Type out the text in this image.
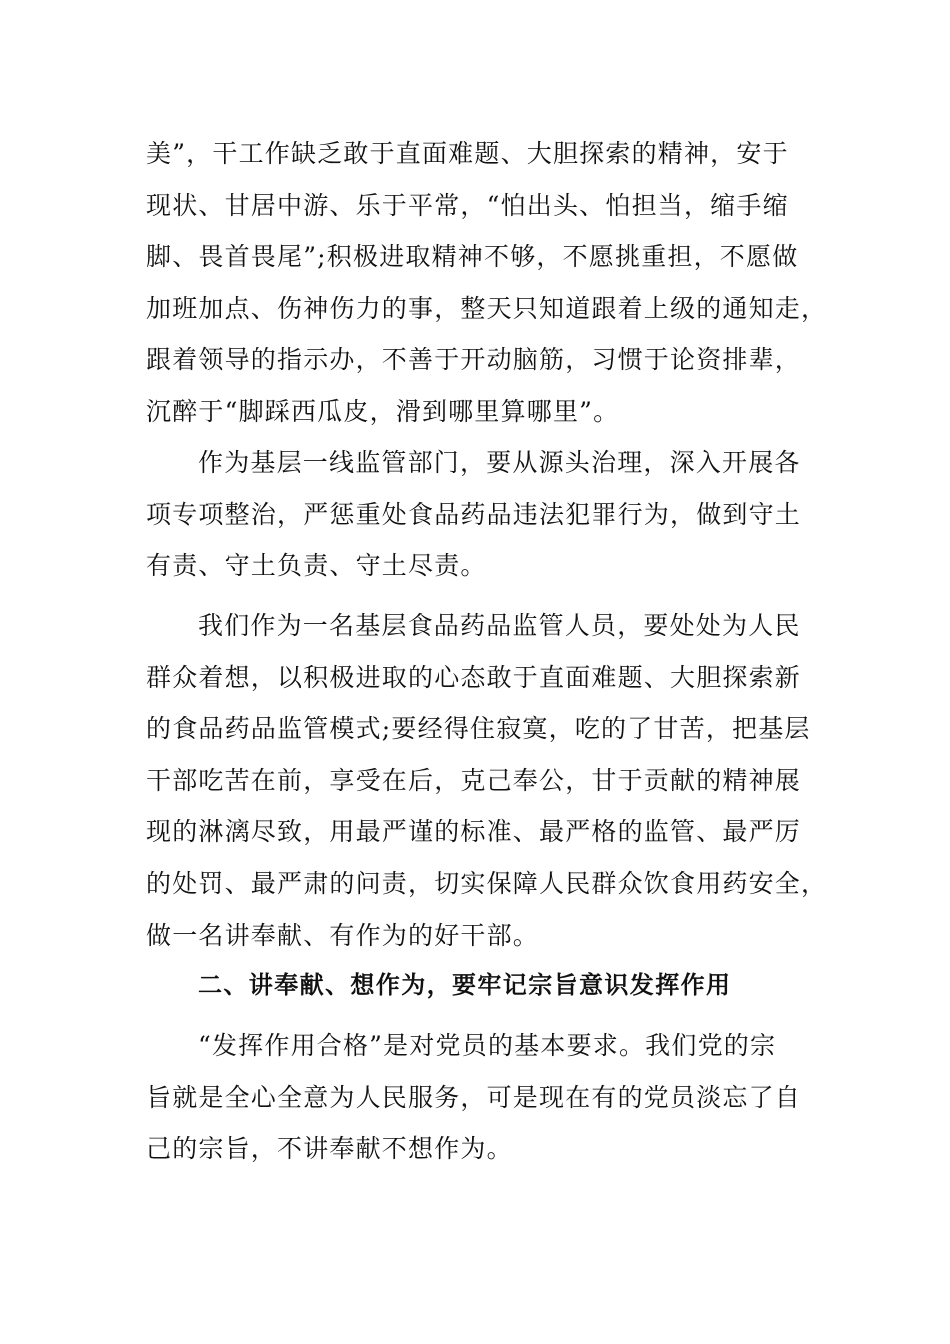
美”，干工作缺乏敢于直面难题、大胆探索的精神，安于
现状、甘居中游、乐于平常，“怕出头、怕担当，缩手缩
脚、畏首畏尾”;积极进取精神不够，不愿挑重担，不愿做
加班加点、伤神伤力的事，整天只知道跟着上级的通知走，
跟着领导的指示办，不善于开动脑筋，习惯于论资排辈，
沉醉于“脚踩西瓜皮，滑到哪里算哪里”。

作为基层一线监管部门，要从源头治理，深入开展各
项专项整治，严惩重处食品药品违法犯罪行为，做到守土
有责、守土负责、守土尽责。

我们作为一名基层食品药品监管人员，要处处为人民
群众着想，以积极进取的心态敢于直面难题、大胆探索新
的食品药品监管模式;要经得住寂寞，吃的了甘苦，把基层
干部吃苦在前，享受在后，克己奉公，甘于贡献的精神展
现的淋漓尽致，用最严谨的标准、最严格的监管、最严厉
的处罚、最严肃的问责，切实保障人民群众饮食用药安全，
做一名讲奉献、有作为的好干部。

二、讲奉献、想作为，要牢记宗旨意识发挥作用

“发挥作用合格”是对党员的基本要求。我们党的宗
旨就是全心全意为人民服务，可是现在有的党员淡忘了自
己的宗旨，不讲奉献不想作为。
